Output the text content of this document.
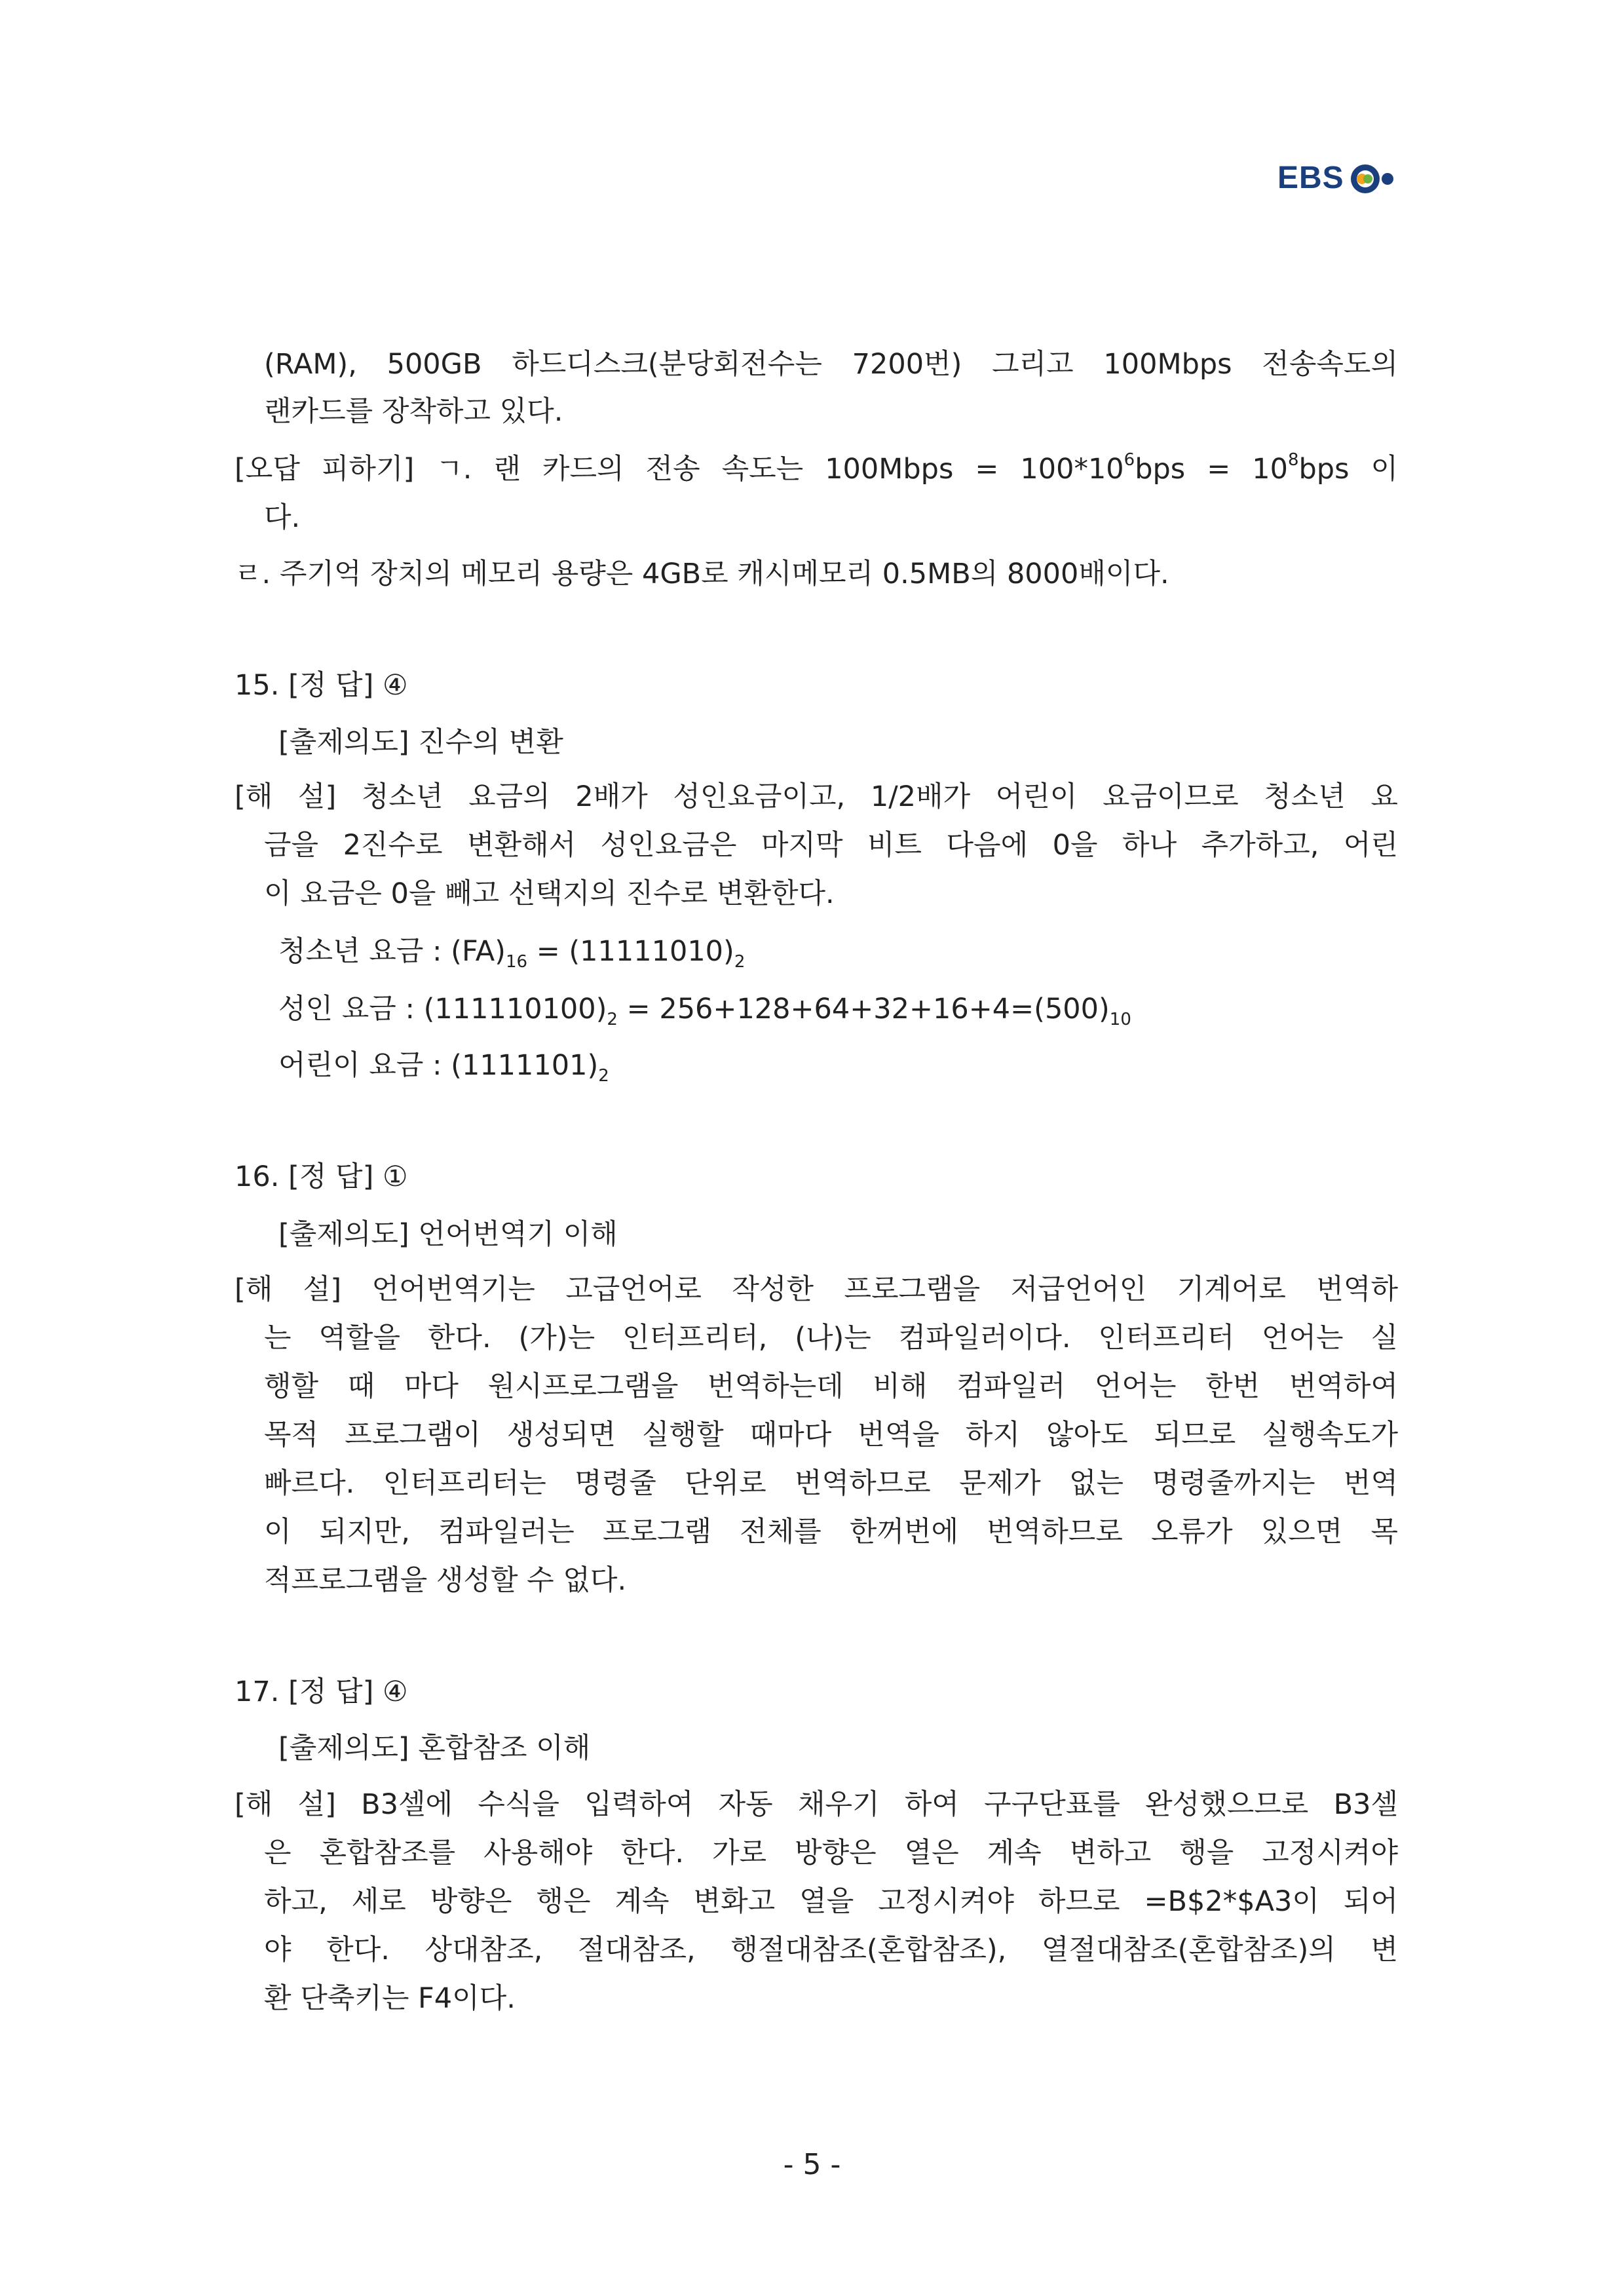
EBS
(RAM), 500GB 하드디스크(분당회전수는 7200번) 그리고 100Mbps 전송속도의
랜카드를 장착하고 있다.
[오답 피하기] ㄱ. 랜 카드의 전송 속도는 100Mbps = $100*10^6bps = 10^8bps$ 이
다.
ㄹ. 주기억 장치의 메모리 용량은 4GB로 캐시메모리 0.5MB의 8000배이다.
15. [정 답] ④
[출제의도] 진수의 변환
[해 설] 청소년 요금의 2배가 성인요금이고, 1/2배가 어린이 요금이므로 청소년 요
금을 2진수로 변환해서 성인요금은 마지막 비트 다음에 0을 하나 추가하고, 어린
이 요금은 0을 빼고 선택지의 진수로 변환한다.
청소년 요금 : $(FA)_{16} = (11111010)_2$
성인 요금 : $(111110100)_2 = 256+128+64+32+16+4=(500)_{10}$
어린이 요금 : $(1111101)_2$
16. [정 답] ①
[출제의도] 언어번역기 이해
[해 설] 언어번역기는 고급언어로 작성한 프로그램을 저급언어인 기계어로 번역하
는 역할을 한다. (가)는 인터프리터, (나)는 컴파일러이다. 인터프리터 언어는 실
행할 때 마다 원시프로그램을 번역하는데 비해 컴파일러 언어는 한번 번역하여
목적 프로그램이 생성되면 실행할 때마다 번역을 하지 않아도 되므로 실행속도가
빠르다. 인터프리터는 명령줄 단위로 번역하므로 문제가 없는 명령줄까지는 번역
이 되지만, 컴파일러는 프로그램 전체를 한꺼번에 번역하므로 오류가 있으면 목
적프로그램을 생성할 수 없다.
17. [정 답] ④
[출제의도] 혼합참조 이해
[해 설] B3셀에 수식을 입력하여 자동 채우기 하여 구구단표를 완성했으므로 B3셀
은 혼합참조를 사용해야 한다. 가로 방향은 열은 계속 변하고 행을 고정시켜야
하고, 세로 방향은 행은 계속 변화고 열을 고정시켜야 하므로 =B$2*$A3이 되어
야 한다. 상대참조, 절대참조, 행절대참조(혼합참조), 열절대참조(혼합참조)의 변
환 단축키는 F4이다.
- 5 -
